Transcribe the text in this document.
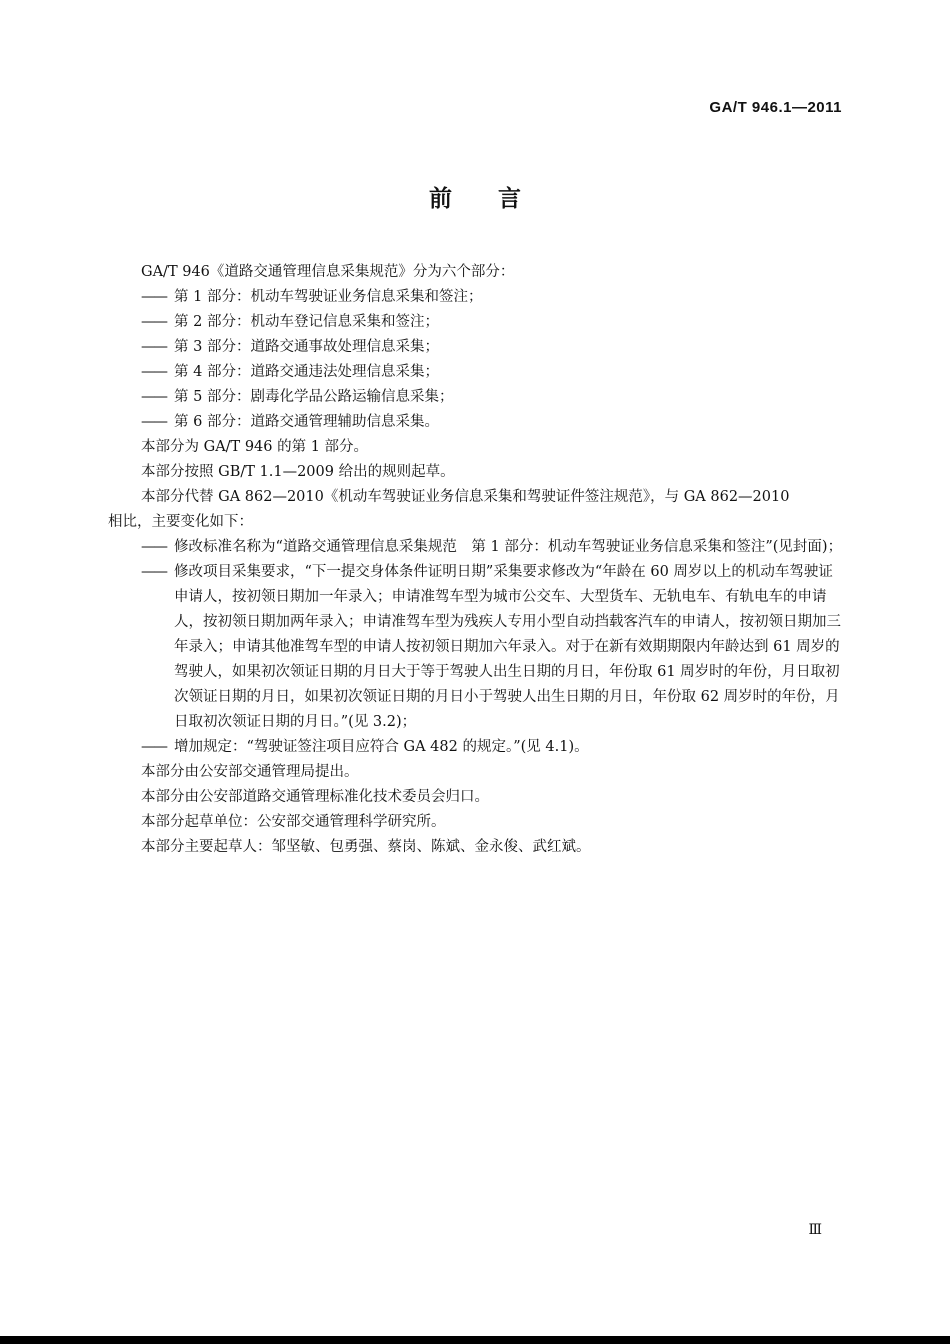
GA/T 946.1—2011
前言

GA/T 946《道路交通管理信息采集规范》分为六个部分：

—— 第 1 部分：机动车驾驶证业务信息采集和签注；

—— 第 2 部分：机动车登记信息采集和签注；

—— 第 3 部分：道路交通事故处理信息采集；

—— 第 4 部分：道路交通违法处理信息采集；

—— 第 5 部分：剧毒化学品公路运输信息采集；

—— 第 6 部分：道路交通管理辅助信息采集。

本部分为 GA/T 946 的第 1 部分。

本部分按照 GB/T 1.1—2009 给出的规则起草。

本部分代替 GA 862—2010《机动车驾驶证业务信息采集和驾驶证件签注规范》，与 GA 862—2010

相比，主要变化如下：

—— 修改标准名称为“道路交通管理信息采集规范　第 1 部分：机动车驾驶证业务信息采集和签注”(见封面)；

—— 修改项目采集要求，“下一提交身体条件证明日期”采集要求修改为“年龄在 60 周岁以上的机动车驾驶证申请人，按初领日期加一年录入；申请准驾车型为城市公交车、大型货车、无轨电车、有轨电车的申请人，按初领日期加两年录入；申请准驾车型为残疾人专用小型自动挡载客汽车的申请人，按初领日期加三年录入；申请其他准驾车型的申请人按初领日期加六年录入。对于在新有效期期限内年龄达到 61 周岁的驾驶人，如果初次领证日期的月日大于等于驾驶人出生日期的月日，年份取 61 周岁时的年份，月日取初次领证日期的月日，如果初次领证日期的月日小于驾驶人出生日期的月日，年份取 62 周岁时的年份，月日取初次领证日期的月日。”(见 3.2)；

—— 增加规定：“驾驶证签注项目应符合 GA 482 的规定。”(见 4.1)。

本部分由公安部交通管理局提出。

本部分由公安部道路交通管理标准化技术委员会归口。

本部分起草单位：公安部交通管理科学研究所。

本部分主要起草人：邹坚敏、包勇强、蔡岗、陈斌、金永俊、武红斌。

Ⅲ
